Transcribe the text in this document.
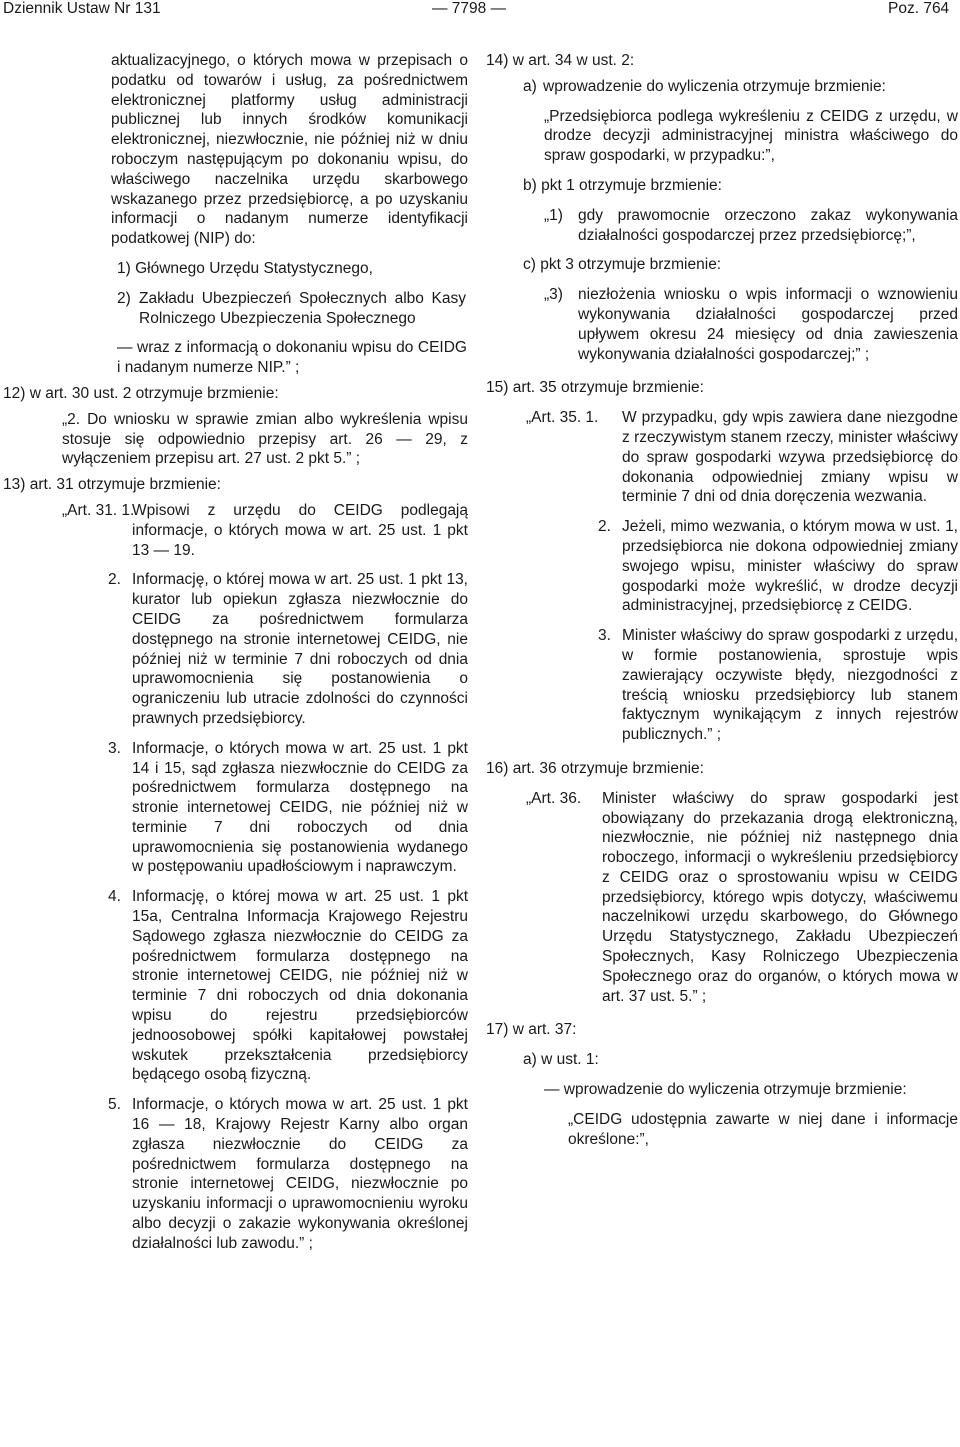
Dziennik Ustaw Nr 131	— 7798 —	Poz. 764

aktualizacyjnego, o których mowa w przepisach o podatku od towarów i usług, za pośrednictwem elektronicznej platformy usług administracji publicznej lub innych środków komunikacji elektronicznej, niezwłocznie, nie później niż w dniu roboczym następującym po dokonaniu wpisu, do właściwego naczelnika urzędu skarbowego wskazanego przez przedsiębiorcę, a po uzyskaniu informacji o nadanym numerze identyfikacji podatkowej (NIP) do:

1) Głównego Urzędu Statystycznego,

2) Zakładu Ubezpieczeń Społecznych albo Kasy Rolniczego Ubezpieczenia Społecznego

— wraz z informacją o dokonaniu wpisu do CEIDG i nadanym numerze NIP.” ;

12) w art. 30 ust. 2 otrzymuje brzmienie:

„2. Do wniosku w sprawie zmian albo wykreślenia wpisu stosuje się odpowiednio przepisy art. 26 — 29, z wyłączeniem przepisu art. 27 ust. 2 pkt 5.” ;

13) art. 31 otrzymuje brzmienie:

„Art. 31. 1.

Wpisowi z urzędu do CEIDG podlegają informacje, o których mowa w art. 25 ust. 1 pkt 13 — 19.

2. Informację, o której mowa w art. 25 ust. 1 pkt 13, kurator lub opiekun zgłasza niezwłocznie do CEIDG za pośrednictwem formularza dostępnego na stronie internetowej CEIDG, nie później niż w terminie 7 dni roboczych od dnia uprawomocnienia się postanowienia o ograniczeniu lub utracie zdolności do czynności prawnych przedsiębiorcy.

3. Informacje, o których mowa w art. 25 ust. 1 pkt 14 i 15, sąd zgłasza niezwłocznie do CEIDG za pośrednictwem formularza dostępnego na stronie internetowej CEIDG, nie później niż w terminie 7 dni roboczych od dnia uprawomocnienia się postanowienia wydanego w postępowaniu upadłościowym i naprawczym.

4. Informację, o której mowa w art. 25 ust. 1 pkt 15a, Centralna Informacja Krajowego Rejestru Sądowego zgłasza niezwłocznie do CEIDG za pośrednictwem formularza dostępnego na stronie internetowej CEIDG, nie później niż w terminie 7 dni roboczych od dnia dokonania wpisu do rejestru przedsiębiorców jednoosobowej spółki kapitałowej powstałej wskutek przekształcenia przedsiębiorcy będącego osobą fizyczną.

5. Informacje, o których mowa w art. 25 ust. 1 pkt 16 — 18, Krajowy Rejestr Karny albo organ zgłasza niezwłocznie do CEIDG za pośrednictwem formularza dostępnego na stronie internetowej CEIDG, niezwłocznie po uzyskaniu informacji o uprawomocnieniu wyroku albo decyzji o zakazie wykonywania określonej działalności lub zawodu.” ;

14) w art. 34 w ust. 2:

a) wprowadzenie do wyliczenia otrzymuje brzmienie:

„Przedsiębiorca podlega wykreśleniu z CEIDG z urzędu, w drodze decyzji administracyjnej ministra właściwego do spraw gospodarki, w przypadku:”,

b) pkt 1 otrzymuje brzmienie:

„1) gdy prawomocnie orzeczono zakaz wykonywania działalności gospodarczej przez przedsiębiorcę;”,

c) pkt 3 otrzymuje brzmienie:

„3) niezłożenia wniosku o wpis informacji o wznowieniu wykonywania działalności gospodarczej przed upływem okresu 24 miesięcy od dnia zawieszenia wykonywania działalności gospodarczej;” ;

15) art. 35 otrzymuje brzmienie:

„Art. 35. 1. W przypadku, gdy wpis zawiera dane niezgodne z rzeczywistym stanem rzeczy, minister właściwy do spraw gospodarki wzywa przedsiębiorcę do dokonania odpowiedniej zmiany wpisu w terminie 7 dni od dnia doręczenia wezwania.

2. Jeżeli, mimo wezwania, o którym mowa w ust. 1, przedsiębiorca nie dokona odpowiedniej zmiany swojego wpisu, minister właściwy do spraw gospodarki może wykreślić, w drodze decyzji administracyjnej, przedsiębiorcę z CEIDG.

3. Minister właściwy do spraw gospodarki z urzędu, w formie postanowienia, sprostuje wpis zawierający oczywiste błędy, niezgodności z treścią wniosku przedsiębiorcy lub stanem faktycznym wynikającym z innych rejestrów publicznych.” ;

16) art. 36 otrzymuje brzmienie:

„Art. 36. Minister właściwy do spraw gospodarki jest obowiązany do przekazania drogą elektroniczną, niezwłocznie, nie później niż następnego dnia roboczego, informacji o wykreśleniu przedsiębiorcy z CEIDG oraz o sprostowaniu wpisu w CEIDG przedsiębiorcy, którego wpis dotyczy, właściwemu naczelnikowi urzędu skarbowego, do Głównego Urzędu Statystycznego, Zakładu Ubezpieczeń Społecznych, Kasy Rolniczego Ubezpieczenia Społecznego oraz do organów, o których mowa w art. 37 ust. 5.” ;

17) w art. 37:

a) w ust. 1:

— wprowadzenie do wyliczenia otrzymuje brzmienie:

„CEIDG udostępnia zawarte w niej dane i informacje określone:”,
